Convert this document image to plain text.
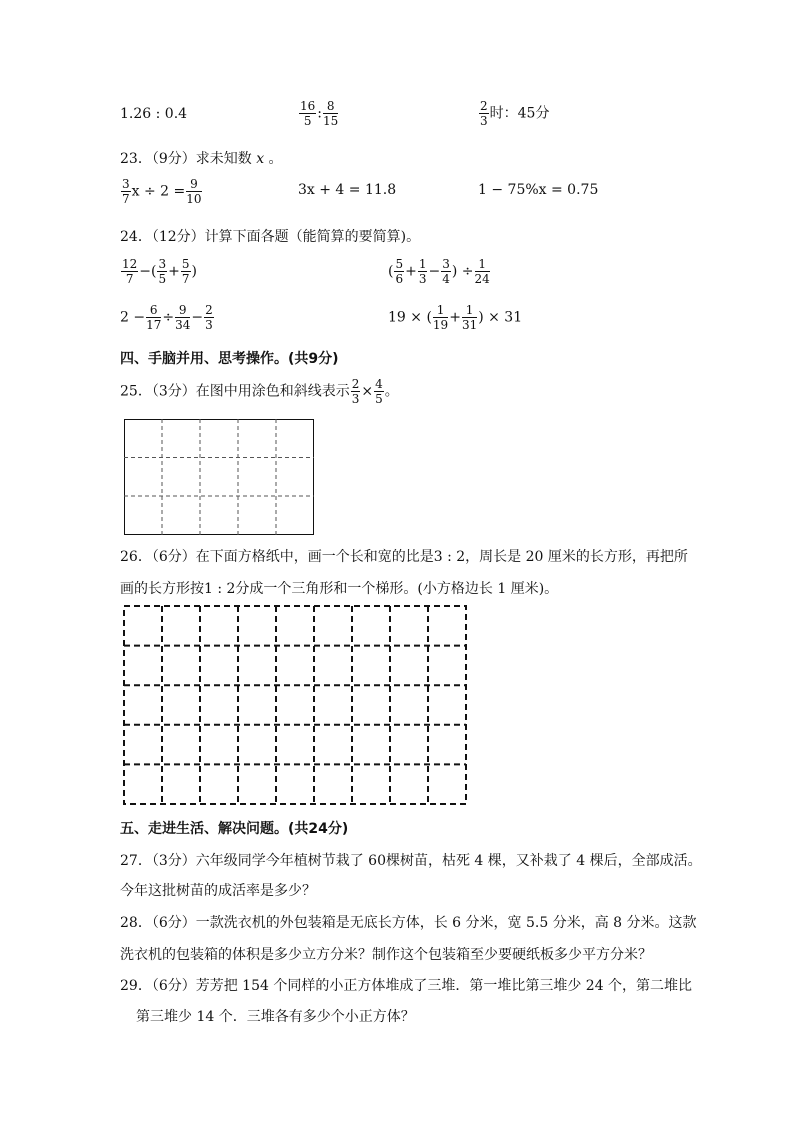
1.26 : 0.4	$\frac{16}{5}$ : $\frac{8}{15}$	$\frac{2}{3}$ 时：45分
23．（9分）求未知数 x 。
$\frac{3}{7}$ $x \div 2 = \frac{9}{10}$	3x + 4 = 11.8	1 − 75%x = 0.75
24．（12分）计算下面各题（能简算的要简算)。
$\frac{12}{7}$ −( $\frac{3}{5} + \frac{5}{7}$ )	( $\frac{5}{6} + \frac{1}{3} - \frac{3}{4}$ ) ÷ $\frac{1}{24}$
$2 - \frac{6}{17} \div \frac{9}{34} - \frac{2}{3}$	19 × ( $\frac{1}{19} + \frac{1}{31}$ ) × 31
四、手脑并用、思考操作。(共9分)
25．（3分）在图中用涂色和斜线表示 $\frac{2}{3} \times \frac{4}{5}$ 。
26．（6分）在下面方格纸中，画一个长和宽的比是3 : 2，周长是 20 厘米的长方形，再把所
画的长方形按1 : 2分成一个三角形和一个梯形。(小方格边长 1 厘米)。
五、走进生活、解决问题。(共24分)
27．（3分）六年级同学今年植树节栽了 60棵树苗，枯死 4 棵，又补栽了 4 棵后，全部成活。
今年这批树苗的成活率是多少？
28．（6分）一款洗衣机的外包装箱是无底长方体，长 6 分米，宽 5.5 分米，高 8 分米。这款
洗衣机的包装箱的体积是多少立方分米？制作这个包装箱至少要硬纸板多少平方分米？
29．（6分）芳芳把 154 个同样的小正方体堆成了三堆．第一堆比第三堆少 24 个，第二堆比
第三堆少 14 个．三堆各有多少个小正方体？
